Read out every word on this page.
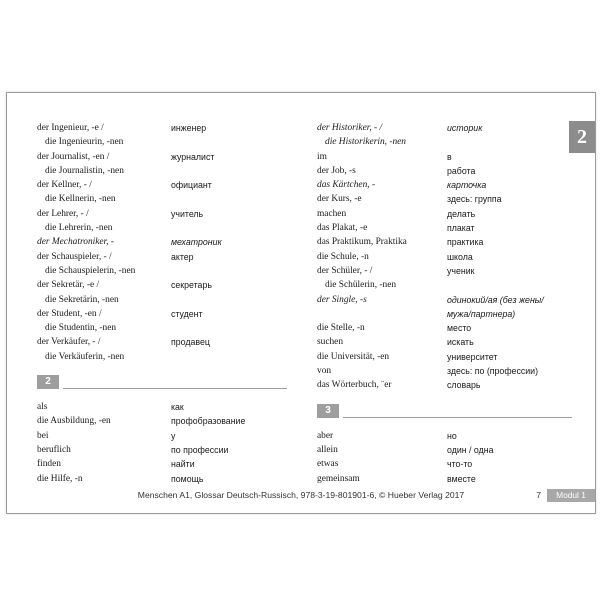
2
der Ingenieur, -e /	инженер
die Ingenieurin, -nen
der Journalist, -en /	журналист
die Journalistin, -nen
der Kellner, - /	официант
die Kellnerin, -nen
der Lehrer, - /	учитель
die Lehrerin, -nen
der Mechatroniker, -	мехатроник
der Schauspieler, - /	актер
die Schauspielerin, -nen
der Sekretär, -e /	секретарь
die Sekretärin, -nen
der Student, -en /	студент
die Studentin, -nen
der Verkäufer, - /	продавец
die Verkäuferin, -nen
2
als	как
die Ausbildung, -en	профобразование
bei	у
beruflich	по профессии
finden	найти
die Hilfe, -n	помощь
der Historiker, - /	историк
die Historikerin, -nen
im	в
der Job, -s	работа
das Kärtchen, -	карточка
der Kurs, -e	здесь: группа
machen	делать
das Plakat, -e	плакат
das Praktikum, Praktika	практика
die Schule, -n	школа
der Schüler, - /	ученик
die Schülerin, -nen
der Single, -s	одинокий/ая (без жены/
мужа/партнера)
die Stelle, -n	место
suchen	искать
die Universität, -en	университет
von	здесь: по (профессии)
das Wörterbuch, ¨er	словарь
3
aber	но
allein	один / одна
etwas	что-то
gemeinsam	вместе
Menschen A1, Glossar Deutsch-Russisch, 978-3-19-801901-6, © Hueber Verlag 2017	7	Modul 1
